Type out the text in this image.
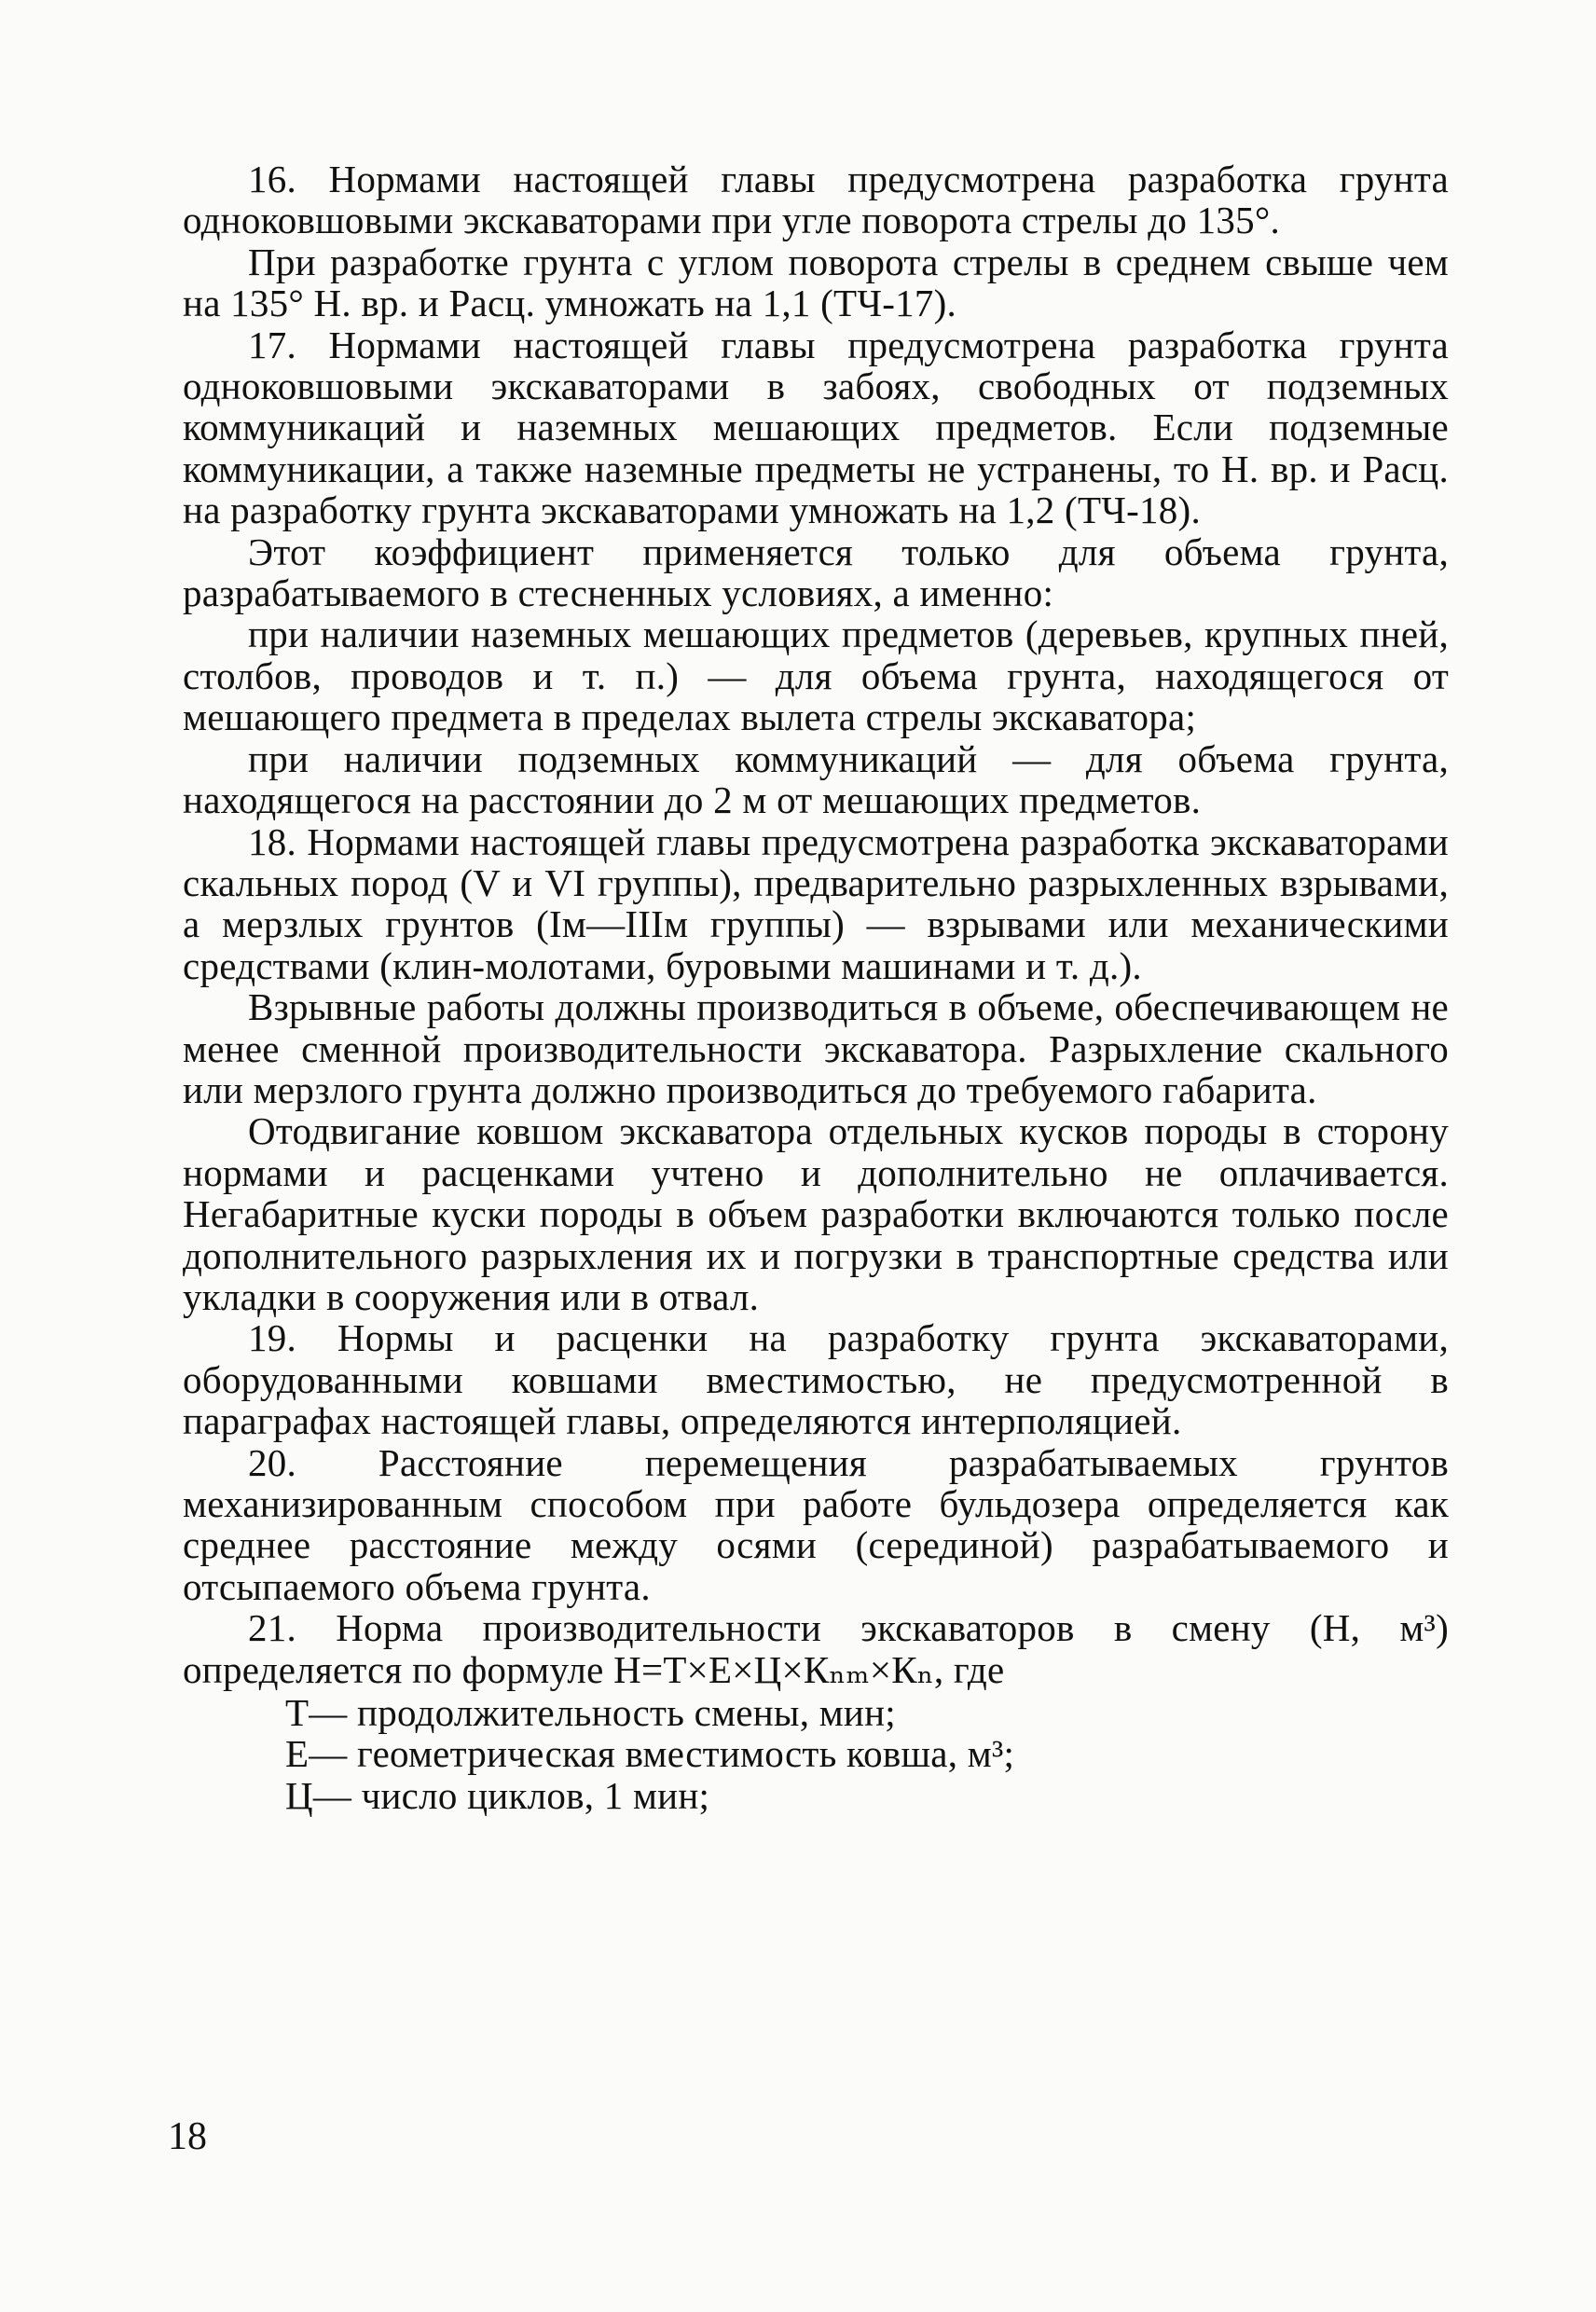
16. Нормами настоящей главы предусмотрена разработка грунта одноковшовыми экскаваторами при угле поворота стрелы до 135°.

При разработке грунта с углом поворота стрелы в среднем свыше чем на 135° Н. вр. и Расц. умножать на 1,1 (ТЧ-17).

17. Нормами настоящей главы предусмотрена разработка грунта одноковшовыми экскаваторами в забоях, свободных от подземных коммуникаций и наземных мешающих предметов. Если подземные коммуникации, а также наземные предметы не устранены, то Н. вр. и Расц. на разработку грунта экскаваторами умножать на 1,2 (ТЧ-18).

Этот коэффициент применяется только для объема грунта, разрабатываемого в стесненных условиях, а именно:

при наличии наземных мешающих предметов (деревьев, крупных пней, столбов, проводов и т. п.) — для объема грунта, находящегося от мешающего предмета в пределах вылета стрелы экскаватора;

при наличии подземных коммуникаций — для объема грунта, находящегося на расстоянии до 2 м от мешающих предметов.

18. Нормами настоящей главы предусмотрена разработка экскаваторами скальных пород (V и VI группы), предварительно разрыхленных взрывами, а мерзлых грунтов (Iм—IIIм группы) — взрывами или механическими средствами (клин-молотами, буровыми машинами и т. д.).

Взрывные работы должны производиться в объеме, обеспечивающем не менее сменной производительности экскаватора. Разрыхление скального или мерзлого грунта должно производиться до требуемого габарита.

Отодвигание ковшом экскаватора отдельных кусков породы в сторону нормами и расценками учтено и дополнительно не оплачивается. Негабаритные куски породы в объем разработки включаются только после дополнительного разрыхления их и погрузки в транспортные средства или укладки в сооружения или в отвал.

19. Нормы и расценки на разработку грунта экскаваторами, оборудованными ковшами вместимостью, не предусмотренной в параграфах настоящей главы, определяются интерполяцией.

20. Расстояние перемещения разрабатываемых грунтов механизированным способом при работе бульдозера определяется как среднее расстояние между осями (серединой) разрабатываемого и отсыпаемого объема грунта.

21. Норма производительности экскаваторов в смену (Н, м³) определяется по формуле Н=Т×Е×Ц×Кₙₘ×Кₙ, где

Т— продолжительность смены, мин;
Е— геометрическая вместимость ковша, м³;
Ц— число циклов, 1 мин;
18
